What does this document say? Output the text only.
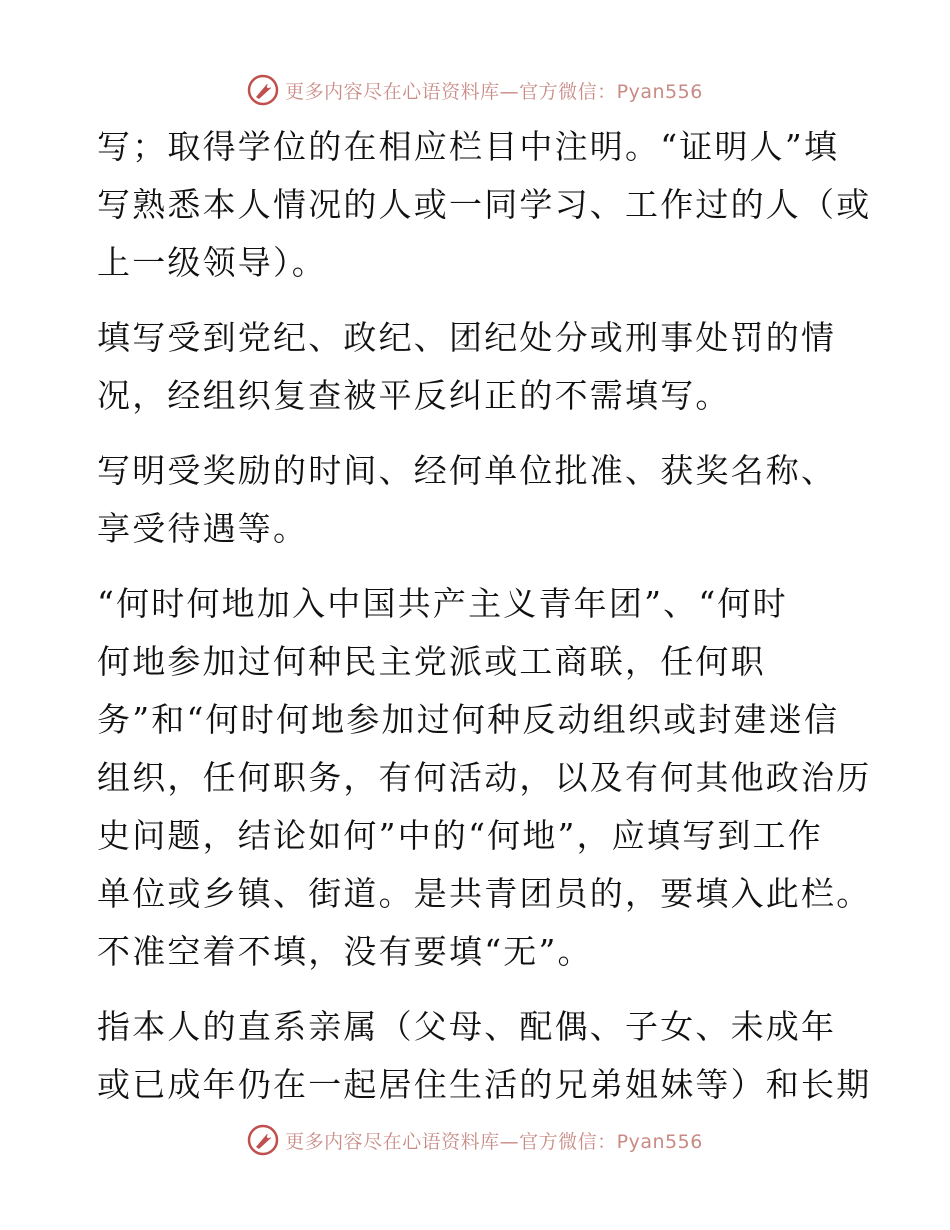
更多内容尽在心语资料库—官方微信：Pyan556

写；取得学位的在相应栏目中注明。“证明人”填
写熟悉本人情况的人或一同学习、工作过的人（或
上一级领导）。

填写受到党纪、政纪、团纪处分或刑事处罚的情
况，经组织复查被平反纠正的不需填写。

写明受奖励的时间、经何单位批准、获奖名称、
享受待遇等。

“何时何地加入中国共产主义青年团”、“何时
何地参加过何种民主党派或工商联，任何职
务”和“何时何地参加过何种反动组织或封建迷信
组织，任何职务，有何活动，以及有何其他政治历
史问题，结论如何”中的“何地”，应填写到工作
单位或乡镇、街道。是共青团员的，要填入此栏。
不准空着不填，没有要填“无”。

指本人的直系亲属（父母、配偶、子女、未成年
或已成年仍在一起居住生活的兄弟姐妹等）和长期

更多内容尽在心语资料库—官方微信：Pyan556
